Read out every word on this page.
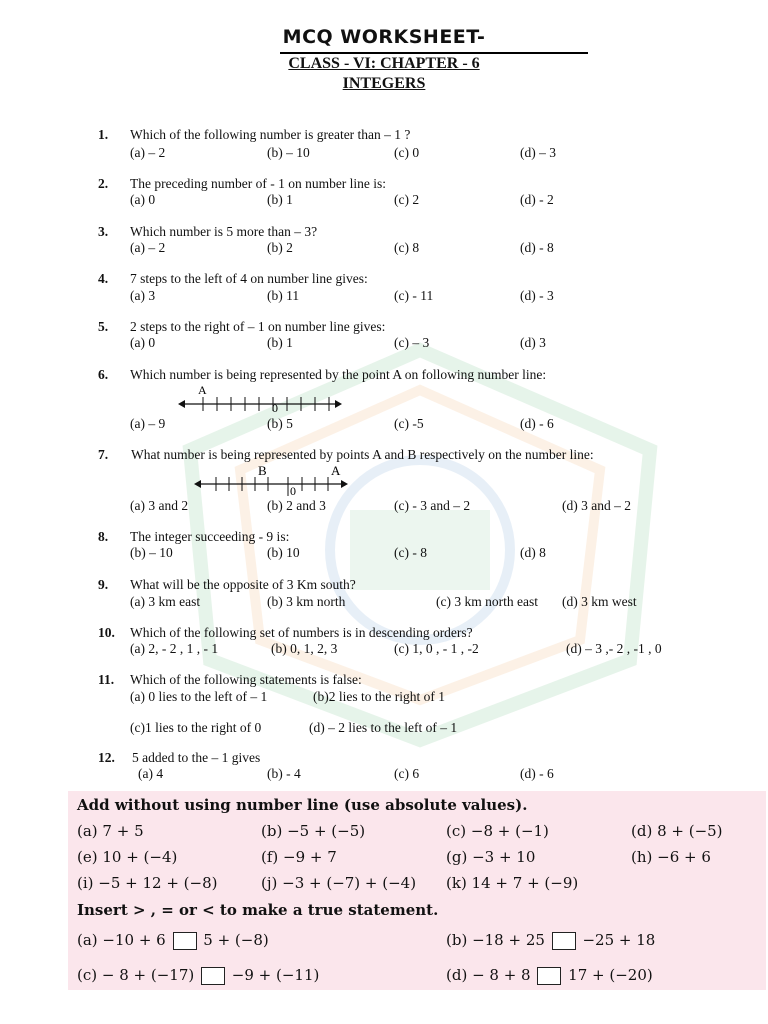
MCQ WORKSHEET-
CLASS - VI: CHAPTER - 6
INTEGERS
1. Which of the following number is greater than – 1 ?
(a) – 2	(b) – 10	(c) 0	(d) – 3
2. The preceding number of - 1 on number line is:
(a) 0	(b) 1	(c) 2	(d) - 2
3. Which number is 5 more than – 3?
(a) – 2	(b) 2	(c) 8	(d) - 8
4. 7 steps to the left of 4 on number line gives:
(a) 3	(b) 11	(c) - 11	(d) - 3
5. 2 steps to the right of – 1 on number line gives:
(a) 0	(b) 1	(c) – 3	(d) 3
6. Which number is being represented by the point A on following number line:
A
0
(a) – 9	(b) 5	(c) -5	(d) - 6
7. What number is being represented by points A and B respectively on the number line:
B	A
0
(a) 3 and 2	(b) 2 and 3	(c) - 3 and – 2	(d) 3 and – 2
8. The integer succeeding - 9 is:
(b) – 10	(b) 10	(c) - 8	(d) 8
9. What will be the opposite of 3 Km south?
(a) 3 km east	(b) 3 km north	(c) 3 km north east (d) 3 km west
10. Which of the following set of numbers is in descending orders?
(a) 2, - 2 , 1 , - 1	(b) 0, 1, 2, 3	(c) 1, 0 , - 1 , -2	(d) – 3 ,- 2 , -1 , 0
11. Which of the following statements is false:
(a) 0 lies to the left of – 1	(b)2 lies to the right of 1
(c)1 lies to the right of 0	(d) – 2 lies to the left of – 1
12. 5 added to the – 1 gives
(a) 4	(b) - 4	(c) 6	(d) - 6
Add without using number line (use absolute values).
(a) 7 + 5	(b) −5 + (−5)	(c) −8 + (−1)	(d) 8 + (−5)
(e) 10 + (−4)	(f) −9 + 7	(g) −3 + 10	(h) −6 + 6
(i) −5 + 12 + (−8)	(j) −3 + (−7) + (−4) (k) 14 + 7 + (−9)
Insert > , = or < to make a true statement.
(a) −10 + 6	5 + (−8)	(b) −18 + 25	−25 + 18
(c) − 8 + (−17)	−9 + (−11)	(d) − 8 + 8	17 + (−20)
